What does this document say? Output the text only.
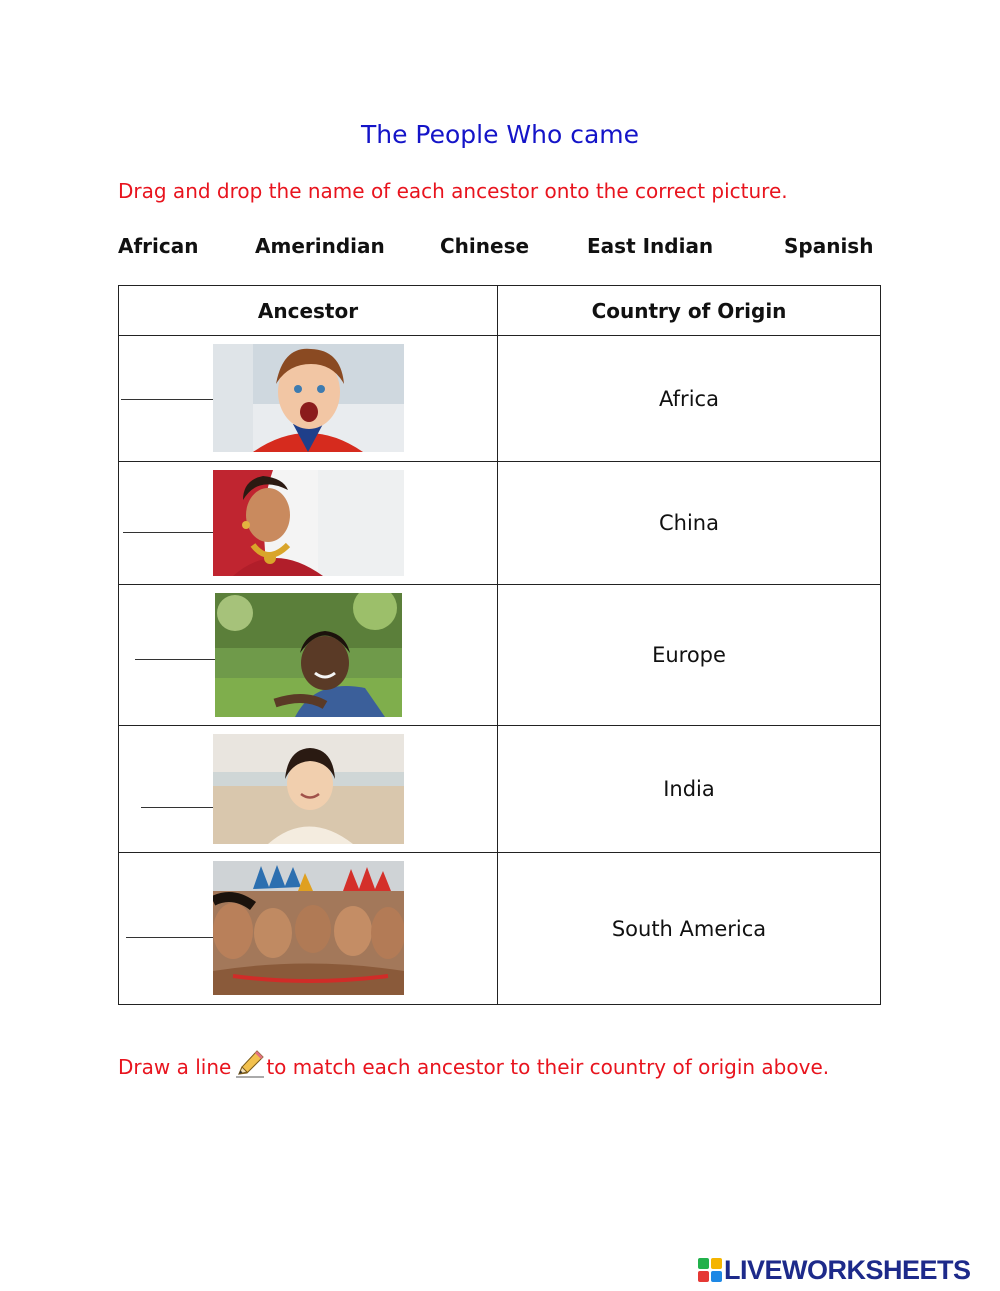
The People Who came
Drag and drop the name of each ancestor onto the correct picture.
African	Amerindian	Chinese	East Indian	Spanish
Ancestor	Country of Origin

	Africa

	China

	Europe

	India

	South America
Draw a line to match each ancestor to their country of origin above.
LIVEWORKSHEETS
